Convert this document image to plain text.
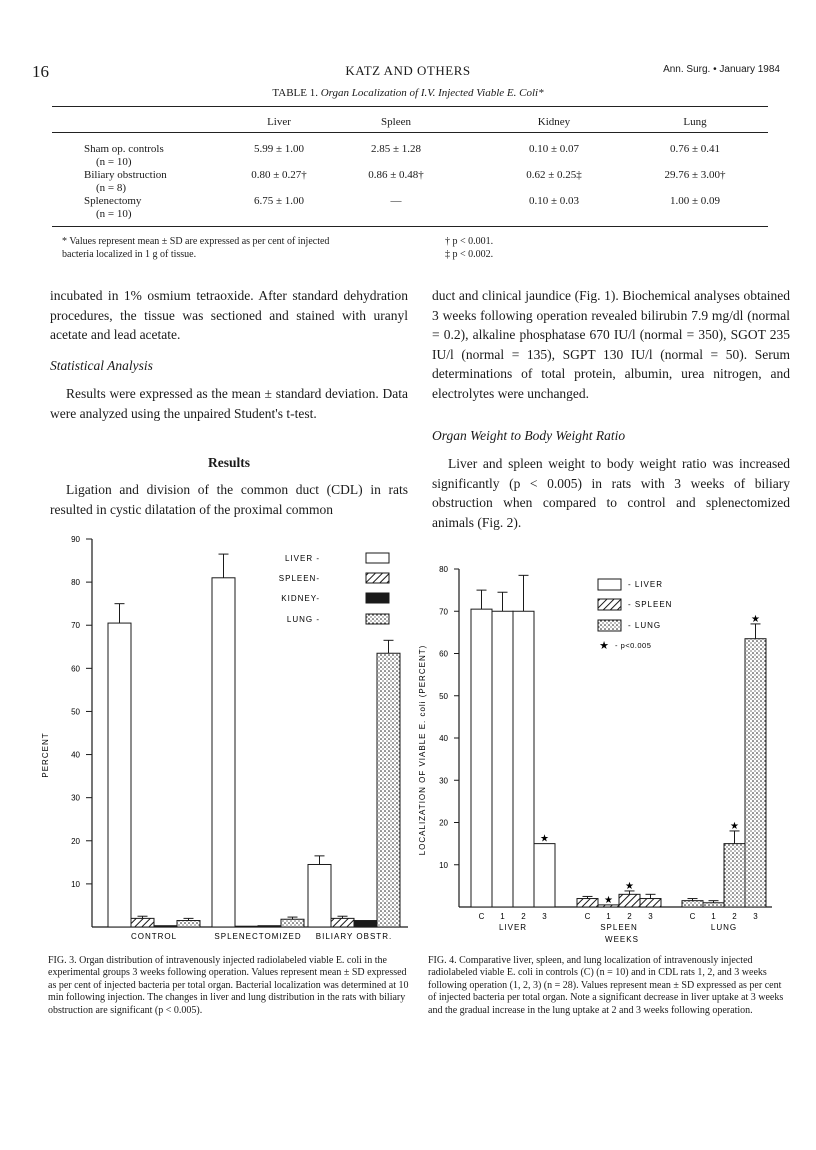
16	KATZ AND OTHERS	Ann. Surg. • January 1984
TABLE 1. Organ Localization of I.V. Injected Viable E. Coli*
Liver	Spleen	Kidney	Lung
Sham op. controls
(n = 10)
5.99 ± 1.00	2.85 ± 1.28	0.10 ± 0.07	0.76 ± 0.41
Biliary obstruction
(n = 8)
0.80 ± 0.27†	0.86 ± 0.48†	0.62 ± 0.25‡	29.76 ± 3.00†
Splenectomy
(n = 10)
6.75 ± 1.00	—	0.10 ± 0.03	1.00 ± 0.09
* Values represent mean ± SD are expressed as per cent of injected
bacteria localized in 1 g of tissue.
† p < 0.001.
‡ p < 0.002.
incubated in 1% osmium tetraoxide. After standard dehydration procedures, the tissue was sectioned and stained with uranyl acetate and lead acetate.
Statistical Analysis
Results were expressed as the mean ± standard deviation. Data were analyzed using the unpaired Student's t-test.
Results
Ligation and division of the common duct (CDL) in rats resulted in cystic dilatation of the proximal common
duct and clinical jaundice (Fig. 1). Biochemical analyses obtained 3 weeks following operation revealed bilirubin 7.9 mg/dl (normal = 0.2), alkaline phosphatase 670 IU/l (normal = 350), SGOT 235 IU/l (normal = 135), SGPT 130 IU/l (normal = 50). Serum determinations of total protein, albumin, urea nitrogen, and electrolytes were unchanged.
Organ Weight to Body Weight Ratio
Liver and spleen weight to body weight ratio was increased significantly (p < 0.005) in rats with 3 weeks of biliary obstruction when compared to control and splenectomized animals (Fig. 2).
PERCENT
10
20
30
40
50
60
70
80
90
CONTROL	SPLENECTOMIZED BILIARY OBSTR.
LIVER -
SPLEEN-
KIDNEY-
LUNG -
FIG. 3. Organ distribution of intravenously injected radiolabeled viable E. coli in the experimental groups 3 weeks following operation. Values represent mean ± SD expressed as per cent of injected bacteria per total organ. Bacterial localization was determined at 10 min following injection. The changes in liver and lung distribution in the rats with biliary obstruction are significant (p < 0.005).
LOCALIZATION OF VIABLE E. coli (PERCENT)
10
20
30
40
50
60
70
80
C 1 2
★
3
LIVER
C
★
1
★
2 3
SPLEEN
C 1
★
2
★
3
LUNG
WEEKS
- LIVER
- SPLEEN
- LUNG
★ - p<0.005
FIG. 4. Comparative liver, spleen, and lung localization of intravenously injected radiolabeled viable E. coli in controls (C) (n = 10) and in CDL rats 1, 2, and 3 weeks following operation (1, 2, 3) (n = 28). Values represent mean ± SD expressed as per cent of injected bacteria per total organ. Note a significant decrease in liver uptake at 3 weeks and the gradual increase in the lung uptake at 2 and 3 weeks following operation.
